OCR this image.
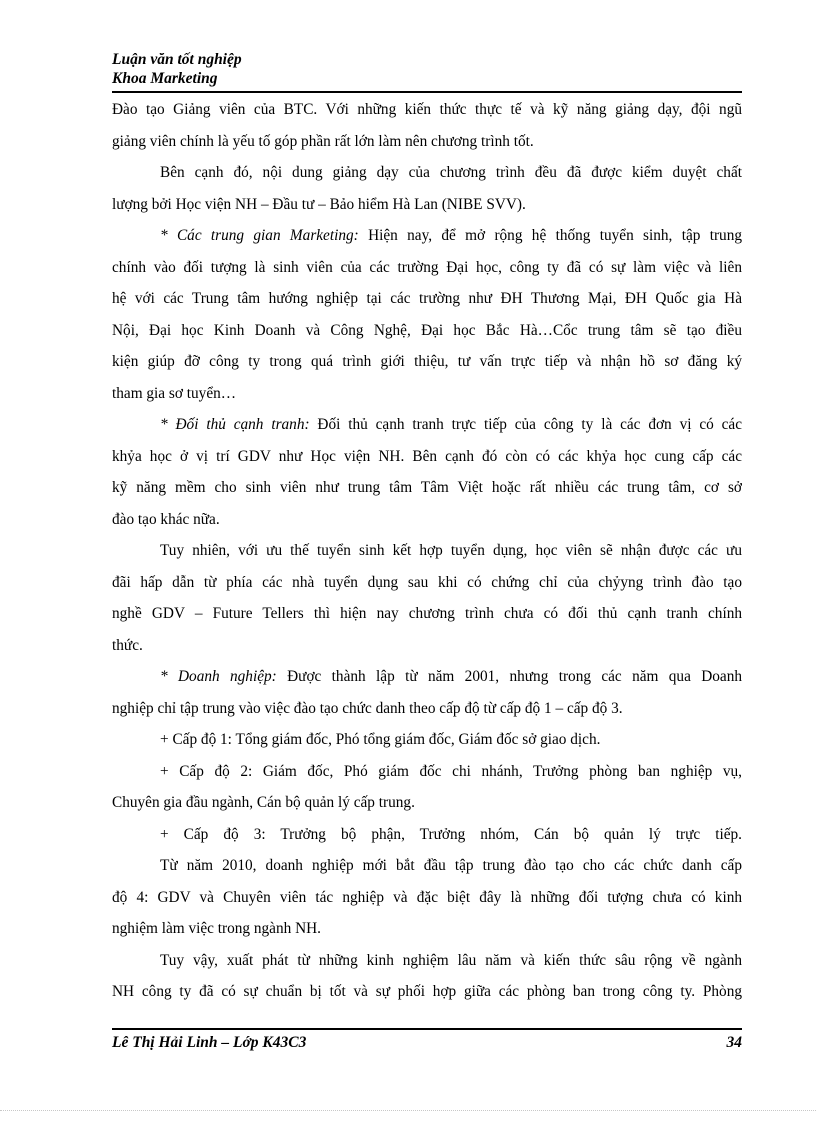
Luận văn tốt nghiệp
Khoa Marketing
Đào tạo Giảng viên của BTC. Với những kiến thức thực tế và kỹ năng giảng dạy, đội ngũ
giảng viên chính là yếu tố góp phần rất lớn làm nên chương trình tốt.
Bên cạnh đó, nội dung giảng dạy của chương trình đều đã được kiểm duyệt chất
lượng bởi Học viện NH – Đầu tư – Bảo hiểm Hà Lan (NIBE SVV).
* Các trung gian Marketing: Hiện nay, để mở rộng hệ thống tuyển sinh, tập trung
chính vào đối tượng là sinh viên của các trường Đại học, công ty đã có sự làm việc và liên
hệ với các Trung tâm hướng nghiệp tại các trường như ĐH Thương Mại, ĐH Quốc gia Hà
Nội, Đại học Kinh Doanh và Công Nghệ, Đại học Bắc Hà…Cổc trung tâm sẽ tạo điều
kiện giúp đỡ công ty trong quá trình giới thiệu, tư vấn trực tiếp và nhận hồ sơ đăng ký
tham gia sơ tuyển…
* Đối thủ cạnh tranh: Đối thủ cạnh tranh trực tiếp của công ty là các đơn vị có các
khỷa học ở vị trí GDV như Học viện NH. Bên cạnh đó còn có các khỷa học cung cấp các
kỹ năng mềm cho sinh viên như trung tâm Tâm Việt hoặc rất nhiều các trung tâm, cơ sở
đào tạo khác nữa.
Tuy nhiên, với ưu thế tuyển sinh kết hợp tuyển dụng, học viên sẽ nhận được các ưu
đãi hấp dẫn từ phía các nhà tuyển dụng sau khi có chứng chỉ của chỷyng trình đào tạo
nghề GDV – Future Tellers thì hiện nay chương trình chưa có đối thủ cạnh tranh chính
thức.
* Doanh nghiệp: Được thành lập từ năm 2001, nhưng trong các năm qua Doanh
nghiệp chỉ tập trung vào việc đào tạo chức danh theo cấp độ từ cấp độ 1 – cấp độ 3.
+ Cấp độ 1: Tổng giám đốc, Phó tổng giám đốc, Giám đốc sở giao dịch.
+ Cấp độ 2: Giám đốc, Phó giám đốc chi nhánh, Trưởng phòng ban nghiệp vụ,
Chuyên gia đầu ngành, Cán bộ quản lý cấp trung.
+ Cấp độ 3: Trưởng bộ phận, Trưởng nhóm, Cán bộ quản lý trực tiếp.
Từ năm 2010, doanh nghiệp mới bắt đầu tập trung đào tạo cho các chức danh cấp
độ 4: GDV và Chuyên viên tác nghiệp và đặc biệt đây là những đối tượng chưa có kinh
nghiệm làm việc trong ngành NH.
Tuy vậy, xuất phát từ những kinh nghiệm lâu năm và kiến thức sâu rộng về ngành
NH công ty đã có sự chuẩn bị tốt và sự phối hợp giữa các phòng ban trong công ty. Phòng
Lê Thị Hải Linh – Lớp K43C3	34
